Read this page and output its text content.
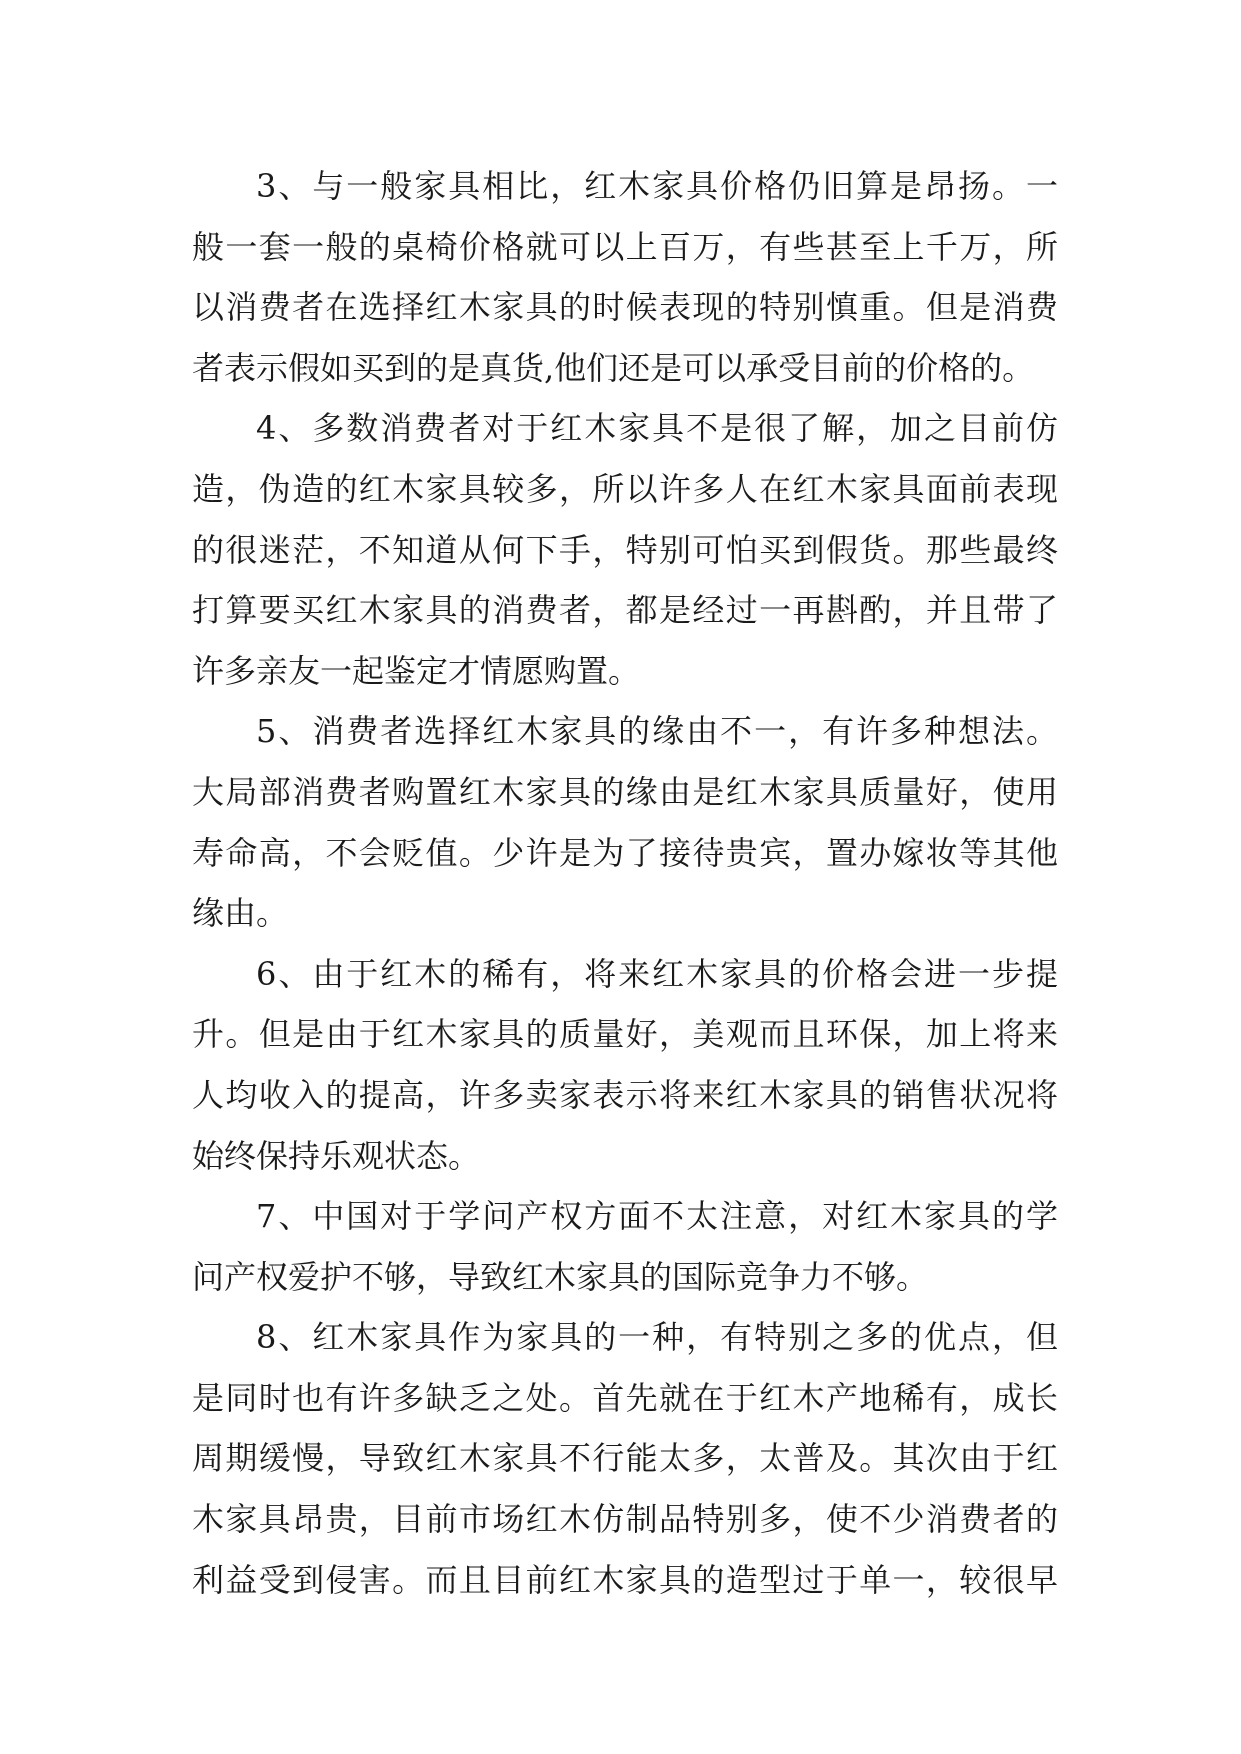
3、与一般家具相比，红木家具价格仍旧算是昂扬。一
般一套一般的桌椅价格就可以上百万，有些甚至上千万，所
以消费者在选择红木家具的时候表现的特别慎重。但是消费
者表示假如买到的是真货,他们还是可以承受目前的价格的。
4、多数消费者对于红木家具不是很了解，加之目前仿
造，伪造的红木家具较多，所以许多人在红木家具面前表现
的很迷茫，不知道从何下手，特别可怕买到假货。那些最终
打算要买红木家具的消费者，都是经过一再斟酌，并且带了
许多亲友一起鉴定才情愿购置。
5、消费者选择红木家具的缘由不一，有许多种想法。
大局部消费者购置红木家具的缘由是红木家具质量好，使用
寿命高，不会贬值。少许是为了接待贵宾，置办嫁妆等其他
缘由。
6、由于红木的稀有，将来红木家具的价格会进一步提
升。但是由于红木家具的质量好，美观而且环保，加上将来
人均收入的提高，许多卖家表示将来红木家具的销售状况将
始终保持乐观状态。
7、中国对于学问产权方面不太注意，对红木家具的学
问产权爱护不够，导致红木家具的国际竞争力不够。
8、红木家具作为家具的一种，有特别之多的优点，但
是同时也有许多缺乏之处。首先就在于红木产地稀有，成长
周期缓慢，导致红木家具不行能太多，太普及。其次由于红
木家具昂贵，目前市场红木仿制品特别多，使不少消费者的
利益受到侵害。而且目前红木家具的造型过于单一，较很早
